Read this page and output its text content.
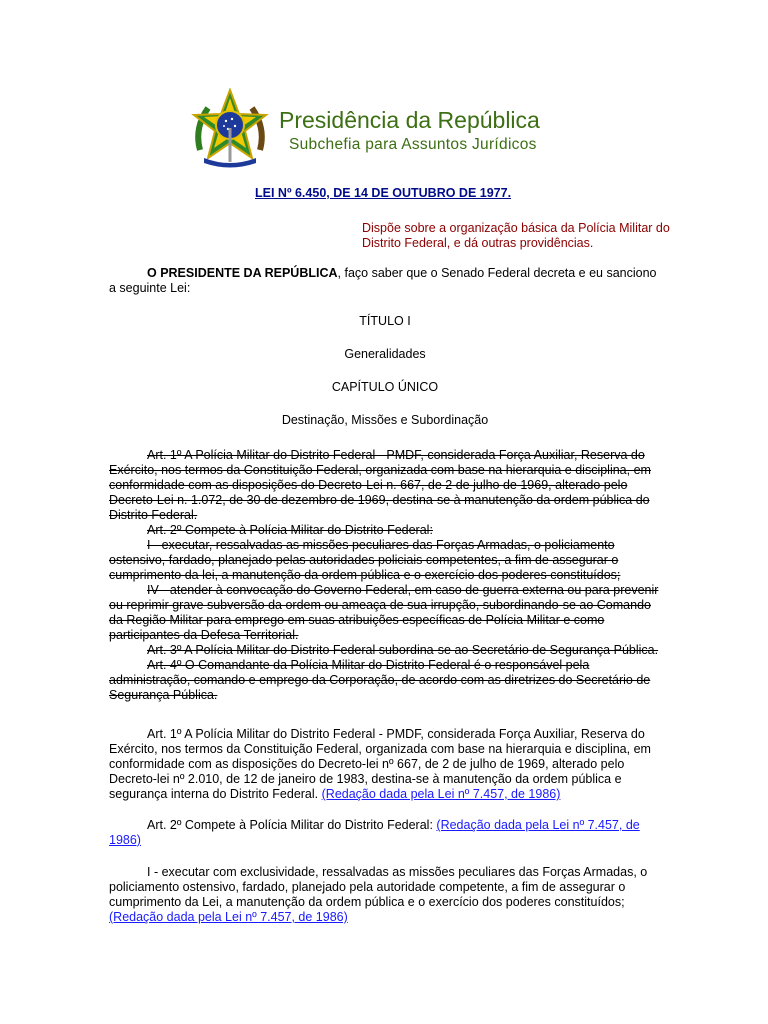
Presidência da República
Subchefia para Assuntos Jurídicos
LEI Nº 6.450, DE 14 DE OUTUBRO DE 1977.
Dispõe sobre a organização básica da Polícia Militar do Distrito Federal, e dá outras providências.

O PRESIDENTE DA REPÚBLICA, faço saber que o Senado Federal decreta e eu sanciono a seguinte Lei:

TÍTULO I

Generalidades

CAPÍTULO ÚNICO

Destinação, Missões e Subordinação

Art. 1º A Polícia Militar do Distrito Federal - PMDF, considerada Força Auxiliar, Reserva do Exército, nos termos da Constituição Federal, organizada com base na hierarquia e disciplina, em conformidade com as disposições do Decreto-Lei n. 667, de 2 de julho de 1969, alterado pelo Decreto-Lei n. 1.072, de 30 de dezembro de 1969, destina-se à manutenção da ordem pública do Distrito Federal.

Art. 2º Compete à Polícia Militar do Distrito Federal:

I - executar, ressalvadas as missões peculiares das Forças Armadas, o policiamento ostensivo, fardado, planejado pelas autoridades policiais competentes, a fim de assegurar o cumprimento da lei, a manutenção da ordem pública e o exercício dos poderes constituídos;

IV - atender à convocação do Governo Federal, em caso de guerra externa ou para prevenir ou reprimir grave subversão da ordem ou ameaça de sua irrupção, subordinando-se ao Comando da Região Militar para emprego em suas atribuições específicas de Polícia Militar e como participantes da Defesa Territorial.

Art. 3º A Polícia Militar do Distrito Federal subordina-se ao Secretário de Segurança Pública.

Art. 4º O Comandante da Polícia Militar do Distrito Federal é o responsável pela administração, comando e emprego da Corporação, de acordo com as diretrizes do Secretário de Segurança Pública.

Art. 1º A Polícia Militar do Distrito Federal - PMDF, considerada Força Auxiliar, Reserva do Exército, nos termos da Constituição Federal, organizada com base na hierarquia e disciplina, em conformidade com as disposições do Decreto-lei nº 667, de 2 de julho de 1969, alterado pelo Decreto-lei nº 2.010, de 12 de janeiro de 1983, destina-se à manutenção da ordem pública e segurança interna do Distrito Federal. (Redação dada pela Lei nº 7.457, de 1986)

Art. 2º Compete à Polícia Militar do Distrito Federal: (Redação dada pela Lei nº 7.457, de 1986)

I - executar com exclusividade, ressalvadas as missões peculiares das Forças Armadas, o policiamento ostensivo, fardado, planejado pela autoridade competente, a fim de assegurar o cumprimento da Lei, a manutenção da ordem pública e o exercício dos poderes constituídos; (Redação dada pela Lei nº 7.457, de 1986)
